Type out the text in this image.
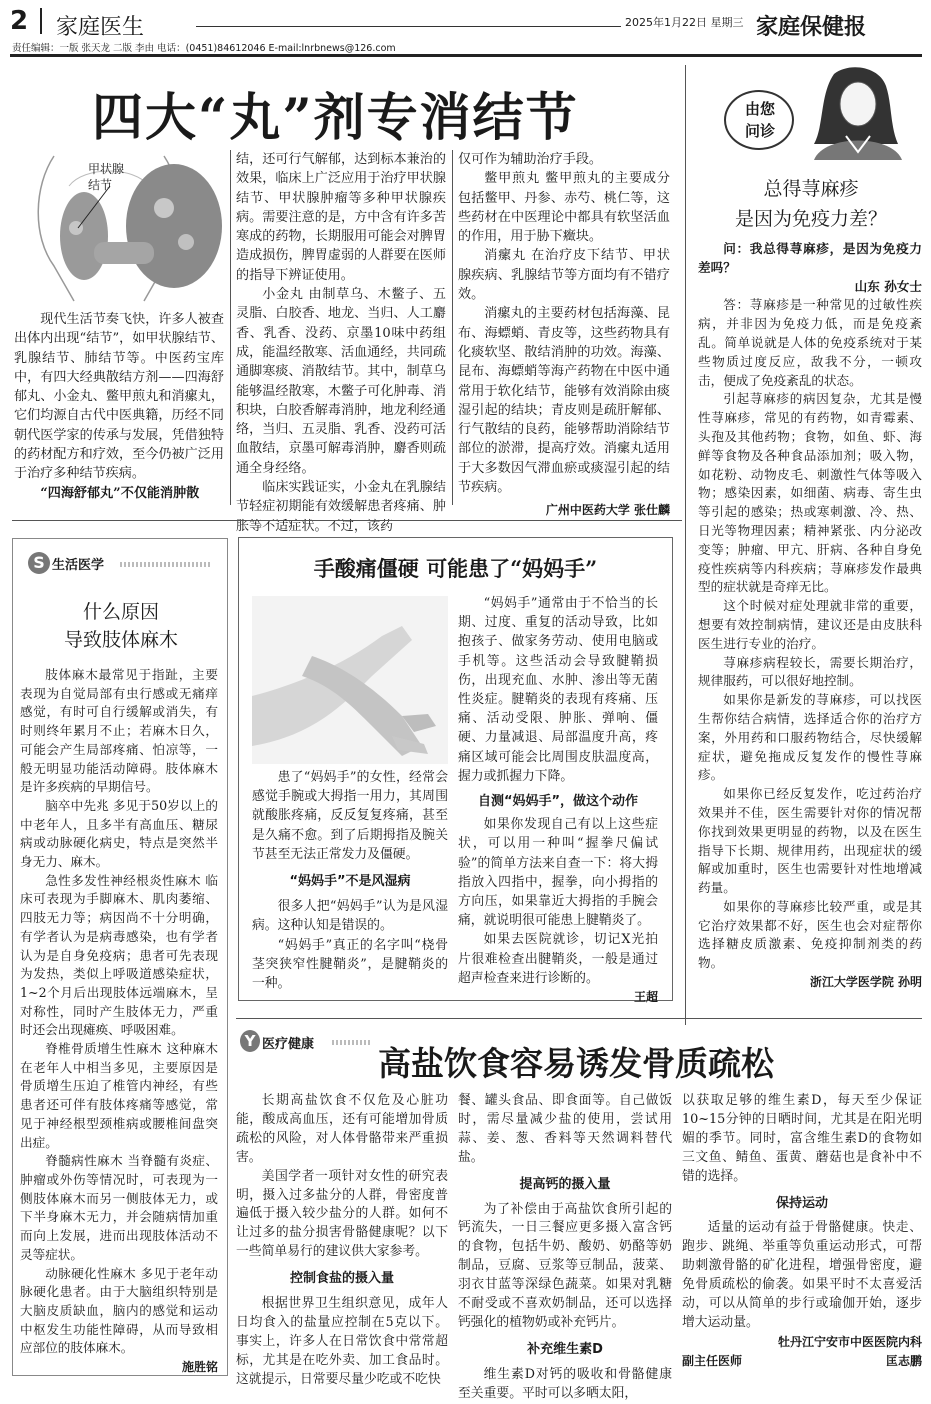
2 家庭医生	2025年1月22日 星期三 家庭保健报
责任编辑：一版 张天龙 二版 李由 电话：(0451)84612046 E-mail:lnrbnews@126.com
四大“丸”剂专消结节
甲状腺
结节

现代生活节奏飞快，许多人被查出体内出现“结节”，如甲状腺结节、乳腺结节、肺结节等。中医药宝库中，有四大经典散结方剂——四海舒郁丸、小金丸、鳖甲煎丸和消瘰丸，它们均源自古代中医典籍，历经不同朝代医学家的传承与发展，凭借独特的药材配方和疗效，至今仍被广泛用于治疗多种结节疾病。

“四海舒郁丸”不仅能消肿散

结，还可行气解郁，达到标本兼治的效果，临床上广泛应用于治疗甲状腺结节、甲状腺肿瘤等多种甲状腺疾病。需要注意的是，方中含有许多苦寒成的药物，长期服用可能会对脾胃造成损伤，脾胃虚弱的人群要在医师的指导下辨证使用。

小金丸 由制草乌、木鳖子、五灵脂、白胶香、地龙、当归、人工麝香、乳香、没药、京墨10味中药组成，能温经散寒、活血通经，共同疏通脚寒痰、消散结节。其中，制草乌能够温经散寒，木鳖子可化肿毒、消积块，白胶香解毒消肿，地龙利经通络，当归、五灵脂、乳香、没药可活血散结，京墨可解毒消肿，麝香则疏通全身经络。

临床实践证实，小金丸在乳腺结节轻症初期能有效缓解患者疼痛、肿胀等不适症状。不过，该药

仅可作为辅助治疗手段。

鳖甲煎丸 鳖甲煎丸的主要成分包括鳖甲、丹参、赤芍、桃仁等，这些药材在中医理论中都具有软坚活血的作用，用于胁下癥块。

消瘰丸 在治疗皮下结节、甲状腺疾病、乳腺结节等方面均有不错疗效。

消瘰丸的主要药材包括海藻、昆布、海螵蛸、青皮等，这些药物具有化痰软坚、散结消肿的功效。海藻、昆布、海螵蛸等海产药物在中医中通常用于软化结节，能够有效消除由痰湿引起的结块；青皮则是疏肝解郁、行气散结的良药，能够帮助消除结节部位的淤滞，提高疗效。消瘰丸适用于大多数因气滞血瘀或痰湿引起的结节疾病。

广州中医药大学 张仕麟

由您
问诊
总得荨麻疹
是因为免疫力差？

问：我总得荨麻疹，是因为免疫力差吗？

山东 孙女士

答：荨麻疹是一种常见的过敏性疾病，并非因为免疫力低，而是免疫紊乱。简单说就是人体的免疫系统对于某些物质过度反应，敌我不分，一顿攻击，便成了免疫紊乱的状态。

引起荨麻疹的病因复杂，尤其是慢性荨麻疹，常见的有药物，如青霉素、头孢及其他药物；食物，如鱼、虾、海鲜等食物及各种食品添加剂；吸入物，如花粉、动物皮毛、刺激性气体等吸入物；感染因素，如细菌、病毒、寄生虫等引起的感染；热或寒刺激、冷、热、日光等物理因素；精神紧张、内分泌改变等；肿瘤、甲亢、肝病、各种自身免疫性疾病等内科疾病；荨麻疹发作最典型的症状就是奇痒无比。

这个时候对症处理就非常的重要，想要有效控制病情，建议还是由皮肤科医生进行专业的治疗。

荨麻疹病程较长，需要长期治疗，规律服药，可以很好地控制。

如果你是新发的荨麻疹，可以找医生帮你结合病情，选择适合你的治疗方案，外用药和口服药物结合，尽快缓解症状，避免拖成反复发作的慢性荨麻疹。

如果你已经反复发作，吃过药治疗效果并不佳，医生需要针对你的情况帮你找到效果更明显的药物，以及在医生指导下长期、规律用药，出现症状的缓解或加重时，医生也需要针对性地增减药量。

如果你的荨麻疹比较严重，或是其它治疗效果都不好，医生也会对症帮你选择糖皮质激素、免疫抑制剂类的药物。

浙江大学医学院 孙明

S 生活医学
什么原因
导致肢体麻木

肢体麻木最常见于指趾，主要表现为自觉局部有虫行感或无痛痒感觉，有时可自行缓解或消失，有时则终年累月不止；若麻木日久，可能会产生局部疼痛、怕凉等，一般无明显功能活动障碍。肢体麻木是许多疾病的早期信号。

脑卒中先兆 多见于50岁以上的中老年人，且多半有高血压、糖尿病或动脉硬化病史，特点是突然半身无力、麻木。

急性多发性神经根炎性麻木 临床可表现为手脚麻木、肌肉萎缩、四肢无力等；病因尚不十分明确，有学者认为是病毒感染，也有学者认为是自身免疫病；患者可先表现为发热，类似上呼吸道感染症状，1~2个月后出现肢体远端麻木，呈对称性，同时产生肢体无力，严重时还会出现瘫痪、呼吸困难。

脊椎骨质增生性麻木 这种麻木在老年人中相当多见，主要原因是骨质增生压迫了椎管内神经，有些患者还可伴有肢体疼痛等感觉，常见于神经根型颈椎病或腰椎间盘突出症。

脊髓病性麻木 当脊髓有炎症、肿瘤或外伤等情况时，可表现为一侧肢体麻木而另一侧肢体无力，或下半身麻木无力，并会随病情加重而向上发展，进而出现肢体活动不灵等症状。

动脉硬化性麻木 多见于老年动脉硬化患者。由于大脑组织特别是大脑皮质缺血，脑内的感觉和运动中枢发生功能性障碍，从而导致相应部位的肢体麻木。

施胜铭

手酸痛僵硬 可能患了“妈妈手”

“妈妈手”通常由于不恰当的长期、过度、重复的活动导致，比如抱孩子、做家务劳动、使用电脑或手机等。这些活动会导致腱鞘损伤，出现充血、水肿、渗出等无菌性炎症。腱鞘炎的表现有疼痛、压痛、活动受限、肿胀、弹响、僵硬、力量减退、局部温度升高，疼痛区域可能会比周围皮肤温度高，握力或抓握力下降。

自测“妈妈手”，做这个动作

如果你发现自己有以上这些症状，可以用一种叫“握拳尺偏试验”的简单方法来自查一下：将大拇指放入四指中，握拳，向小拇指的方向压，如果靠近大拇指的手腕会痛，就说明很可能患上腱鞘炎了。

如果去医院就诊，切记X光拍片很难检查出腱鞘炎，一般是通过超声检查来进行诊断的。

王超

患了“妈妈手”的女性，经常会感觉手腕或大拇指一用力，其周围就酸胀疼痛，反反复复疼痛，甚至是久痛不愈。到了后期拇指及腕关节甚至无法正常发力及僵硬。

“妈妈手”不是风湿病

很多人把“妈妈手”认为是风湿病。这种认知是错误的。

“妈妈手”真正的名字叫“桡骨茎突狭窄性腱鞘炎”，是腱鞘炎的一种。

Y 医疗健康 高盐饮食容易诱发骨质疏松

长期高盐饮食不仅危及心脏功能，酸成高血压，还有可能增加骨质疏松的风险，对人体骨骼带来严重损害。

美国学者一项针对女性的研究表明，摄入过多盐分的人群，骨密度普遍低于摄入较少盐分的人群。如何不让过多的盐分损害骨骼健康呢？以下一些简单易行的建议供大家参考。

控制食盐的摄入量

根据世界卫生组织意见，成年人日均食入的盐量应控制在5克以下。事实上，许多人在日常饮食中常常超标，尤其是在吃外卖、加工食品时。这就提示，日常要尽量少吃或不吃快

餐、罐头食品、即食面等。自己做饭时，需尽量减少盐的使用，尝试用蒜、姜、葱、香料等天然调料替代盐。

提高钙的摄入量

为了补偿由于高盐饮食所引起的钙流失，一日三餐应更多摄入富含钙的食物，包括牛奶、酸奶、奶酪等奶制品，豆腐、豆浆等豆制品，菠菜、羽衣甘蓝等深绿色蔬菜。如果对乳糖不耐受或不喜欢奶制品，还可以选择钙强化的植物奶或补充钙片。

补充维生素D

维生素D对钙的吸收和骨骼健康至关重要。平时可以多晒太阳，

以获取足够的维生素D，每天至少保证10~15分钟的日晒时间，尤其是在阳光明媚的季节。同时，富含维生素D的食物如三文鱼、鲭鱼、蛋黄、蘑菇也是食补中不错的选择。

保持运动

适量的运动有益于骨骼健康。快走、跑步、跳绳、举重等负重运动形式，可帮助刺激骨骼的矿化进程，增强骨密度，避免骨质疏松的偷袭。如果平时不太喜爱活动，可以从简单的步行或瑜伽开始，逐步增大运动量。

牡丹江宁安市中医医院内科

副主任医师	匡志鹏
